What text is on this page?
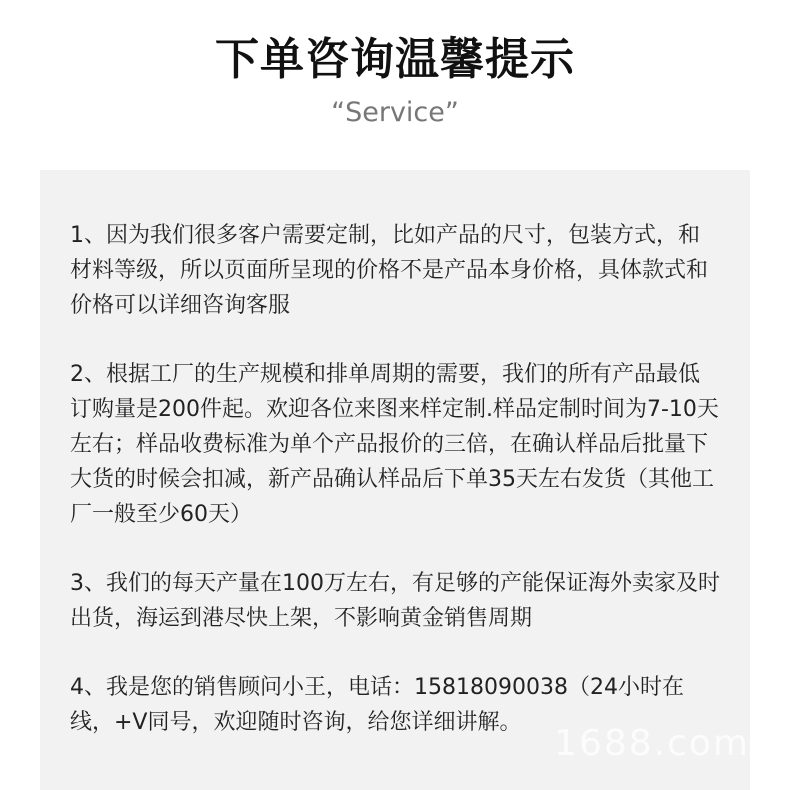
下单咨询温馨提示
“Service”

1、因为我们很多客户需要定制，比如产品的尺寸，包装方式，和材料等级，所以页面所呈现的价格不是产品本身价格，具体款式和价格可以详细咨询客服

2、根据工厂的生产规模和排单周期的需要，我们的所有产品最低订购量是200件起。欢迎各位来图来样定制.样品定制时间为7-10天左右；样品收费标准为单个产品报价的三倍，在确认样品后批量下大货的时候会扣减，新产品确认样品后下单35天左右发货（其他工厂一般至少60天）

3、我们的每天产量在100万左右，有足够的产能保证海外卖家及时出货，海运到港尽快上架，不影响黄金销售周期

4、我是您的销售顾问小王，电话：15818090038（24小时在线，+V同号，欢迎随时咨询，给您详细讲解。

1688.com
